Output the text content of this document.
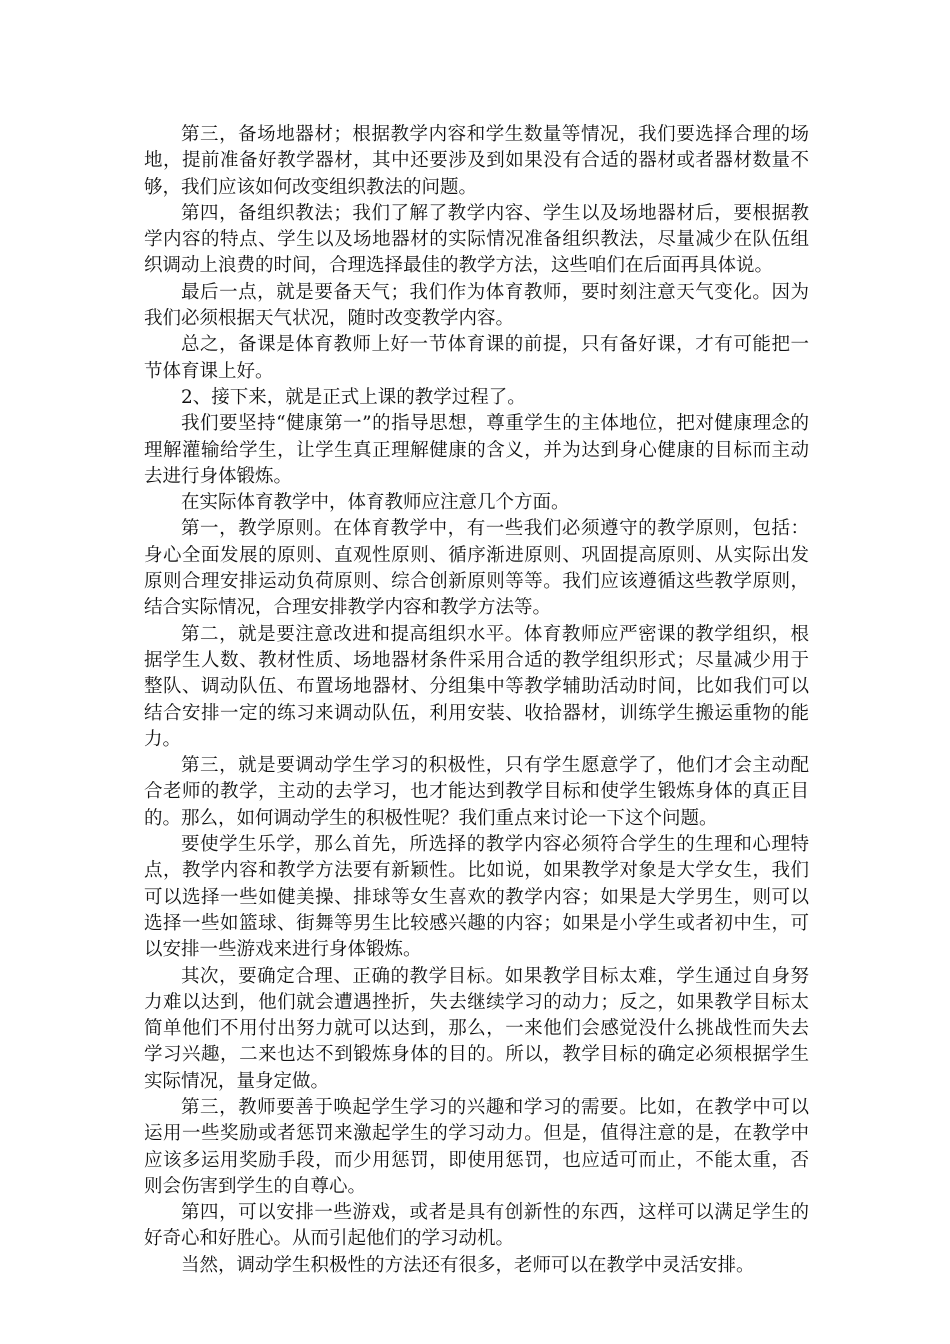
第三，备场地器材；根据教学内容和学生数量等情况，我们要选择合理的场地，提前准备好教学器材，其中还要涉及到如果没有合适的器材或者器材数量不够，我们应该如何改变组织教法的问题。

第四，备组织教法；我们了解了教学内容、学生以及场地器材后，要根据教学内容的特点、学生以及场地器材的实际情况准备组织教法，尽量减少在队伍组织调动上浪费的时间，合理选择最佳的教学方法，这些咱们在后面再具体说。

最后一点，就是要备天气；我们作为体育教师，要时刻注意天气变化。因为我们必须根据天气状况，随时改变教学内容。

总之，备课是体育教师上好一节体育课的前提，只有备好课，才有可能把一节体育课上好。

2、接下来，就是正式上课的教学过程了。

我们要坚持“健康第一”的指导思想，尊重学生的主体地位，把对健康理念的理解灌输给学生，让学生真正理解健康的含义，并为达到身心健康的目标而主动去进行身体锻炼。

在实际体育教学中，体育教师应注意几个方面。

第一，教学原则。在体育教学中，有一些我们必须遵守的教学原则，包括：身心全面发展的原则、直观性原则、循序渐进原则、巩固提高原则、从实际出发原则合理安排运动负荷原则、综合创新原则等等。我们应该遵循这些教学原则，结合实际情况，合理安排教学内容和教学方法等。

第二，就是要注意改进和提高组织水平。体育教师应严密课的教学组织，根据学生人数、教材性质、场地器材条件采用合适的教学组织形式；尽量减少用于整队、调动队伍、布置场地器材、分组集中等教学辅助活动时间，比如我们可以结合安排一定的练习来调动队伍，利用安装、收拾器材，训练学生搬运重物的能力。

第三，就是要调动学生学习的积极性，只有学生愿意学了，他们才会主动配合老师的教学，主动的去学习，也才能达到教学目标和使学生锻炼身体的真正目的。那么，如何调动学生的积极性呢？我们重点来讨论一下这个问题。

要使学生乐学，那么首先，所选择的教学内容必须符合学生的生理和心理特点，教学内容和教学方法要有新颖性。比如说，如果教学对象是大学女生，我们可以选择一些如健美操、排球等女生喜欢的教学内容；如果是大学男生，则可以选择一些如篮球、街舞等男生比较感兴趣的内容；如果是小学生或者初中生，可以安排一些游戏来进行身体锻炼。

其次，要确定合理、正确的教学目标。如果教学目标太难，学生通过自身努力难以达到，他们就会遭遇挫折，失去继续学习的动力；反之，如果教学目标太简单他们不用付出努力就可以达到，那么，一来他们会感觉没什么挑战性而失去学习兴趣，二来也达不到锻炼身体的目的。所以，教学目标的确定必须根据学生实际情况，量身定做。

第三，教师要善于唤起学生学习的兴趣和学习的需要。比如，在教学中可以运用一些奖励或者惩罚来激起学生的学习动力。但是，值得注意的是，在教学中应该多运用奖励手段，而少用惩罚，即使用惩罚，也应适可而止，不能太重，否则会伤害到学生的自尊心。

第四，可以安排一些游戏，或者是具有创新性的东西，这样可以满足学生的好奇心和好胜心。从而引起他们的学习动机。

当然，调动学生积极性的方法还有很多，老师可以在教学中灵活安排。
